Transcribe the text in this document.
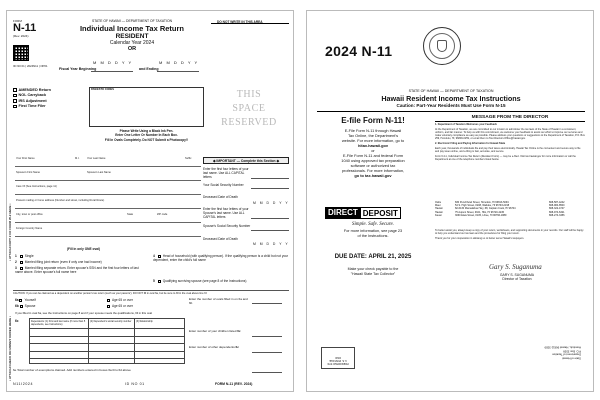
FORM
N-11
(Rev. 2024)
ID NO 01 | 2024N11 | OP01
STATE OF HAWAII — DEPARTMENT OF TAXATION
Individual Income Tax Return
RESIDENT
Calendar Year 2024
OR
DO NOT WRITE IN THIS AREA
Fiscal Year Beginning
M M D D Y Y
and Ending
M M D D Y Y
AMENDED Return
NOL Carryback
IRS Adjustment
First Time Filer
PAN/ESTO CODES
Please Write Using a Black Ink Pen.
Enter One Letter Or Number In Each Box.
Fill In Ovals Completely. Do NOT Submit a Photocopy!!
THIS
SPACE
RESERVED
• ATTACH COPY 2 OF FORM W-2 HERE •
• ATTACH CHECK OR MONEY ORDER HERE •
Your First Name	M.I.	Your Last Name	Suffix
Spouse's First Name	Spouse's Last Name
Care Of (See Instructions, page 11)
Present mailing or home address (Number and street, including Rural Route)
City, town or post office	State	ZIP code
Foreign Country Name
◆ IMPORTANT — Complete this Section ◆
Enter the first four letters of your last name. Use ALL CAPITAL letters
Your Social Security Number
Deceased Date of Death
M M D D Y Y
Enter the first four letters of your Spouse's last name. Use ALL CAPITAL letters
Spouse's Social Security Number
Deceased Date of Death
M M D D Y Y
(Fill in only ONE oval)
1	Single
2	Married filing joint return (even if only one had income)
3	Married filing separate return. Enter spouse's SSN and the first four letters of last name above. Enter spouse's full name here
4	Head of household (with qualifying person). If the qualifying person is a child but not your dependent, enter the child's full name
5	Qualifying surviving spouse (see page 8 of the Instructions)
CAUTION: If you can be claimed as a dependent on another person's tax return (such as your parents'), DO NOT fill in oval 6a, but be sure to fill in the oval above line 6f.
6a Yourself	Age 65 or over
6b Spouse	Age 65 or over
Enter the number of ovals filled in on 6a and 6b
If you filled in oval 6a, see the Instructions on page 8 and if your spouse meets the qualifications, fill in this oval
6c	Dependents: (1) First and last name (if more than 5 dependents, see Instructions)
(2) Dependent's social security number (3) Relationship
Enter number of your children listed 6c
Enter number of other dependents 6c
6e Total number of exemptions claimed. Add numbers entered in boxes 6a thru 6d above
N11I2024	ID NO 01	FORM N-11 (REV. 2024)
2024 N-11
STATE OF HAWAII — DEPARTMENT OF TAXATION
Hawaii Resident Income Tax Instructions
Caution: Part-Year Residents Must Use Form N-15
E-file Form N-11!
E-File Form N-11 through Hawaii
Tax Online, the Department's
website. For more information, go to
hitax.hawaii.gov
or
E-File Form N-11 and federal Form
1040 using approved tax preparation
software or authorized tax
professionals. For more information,
go to tax.hawaii.gov
DIRECT DEPOSIT
Simple. Safe. Secure.
For more information, see page 23
of the Instructions.
DUE DATE: APRIL 21, 2025
Make your check payable to the
"Hawaii State Tax Collector"
MESSAGE FROM THE DIRECTOR

1. Department of Taxation Welcomes your Feedback

At the Department of Taxation, we are committed to our mission to administer the tax laws of the State of Hawaii in a consistent, uniform, and fair manner. To help us with this commitment, we welcome your feedback to assist our effort to improve our services and make voluntary compliance as easy as possible. Please address your questions or suggestions to the Department of Taxation, P.O. Box 259, Honolulu, HI, 96809-0259, or email them to Tax.Directors.Office@hawaii.gov.

2. Electronic Filing and Paying Information for Hawaii State

Each year, thousands of individuals file and pay their taxes electronically. Hawaii Tax Online is the convenient and secure way to file and pay taxes online, and e-filing is fast, accurate, and secure.

Form N-11, Individual Income Tax Return (Resident Form) — may be e-filed. Visit tax.hawaii.gov for more information or call the Department at one of the telephone numbers listed below.

Oahu	830 Punchbowl Street, Honolulu, HI 96813-5094	808-587-4242
Maui	54 S. High Street, #208, Wailuku, HI 96793-2198	808-984-8500
Hawaii	82-6130 Mamalahoa Hwy, #8, Captain Cook, HI 96704	808-322-4747
Hawaii	75 Aupuni Street, #101, Hilo, HI 96720-4245	808-974-6321
Kauai	3060 Eiwa Street, #105, Lihue, HI 96766-1889	808-274-3456

To better assist you, always keep a copy of your return, worksheets, and supporting documents in your records. Our staff will be happy to help you understand our tax laws and the procedures for filing your return.

Thank you for your cooperation in allowing us to better serve Hawaii's taxpayers.

Gary S. Suganuma
GARY S. SUGANUMA
Director of Taxation
PRESORTED STD
U.S. POSTAGE
PAID	State of Hawaii
Department of Taxation
P.O. Box 3559
Honolulu, Hawaii 96811-3559
